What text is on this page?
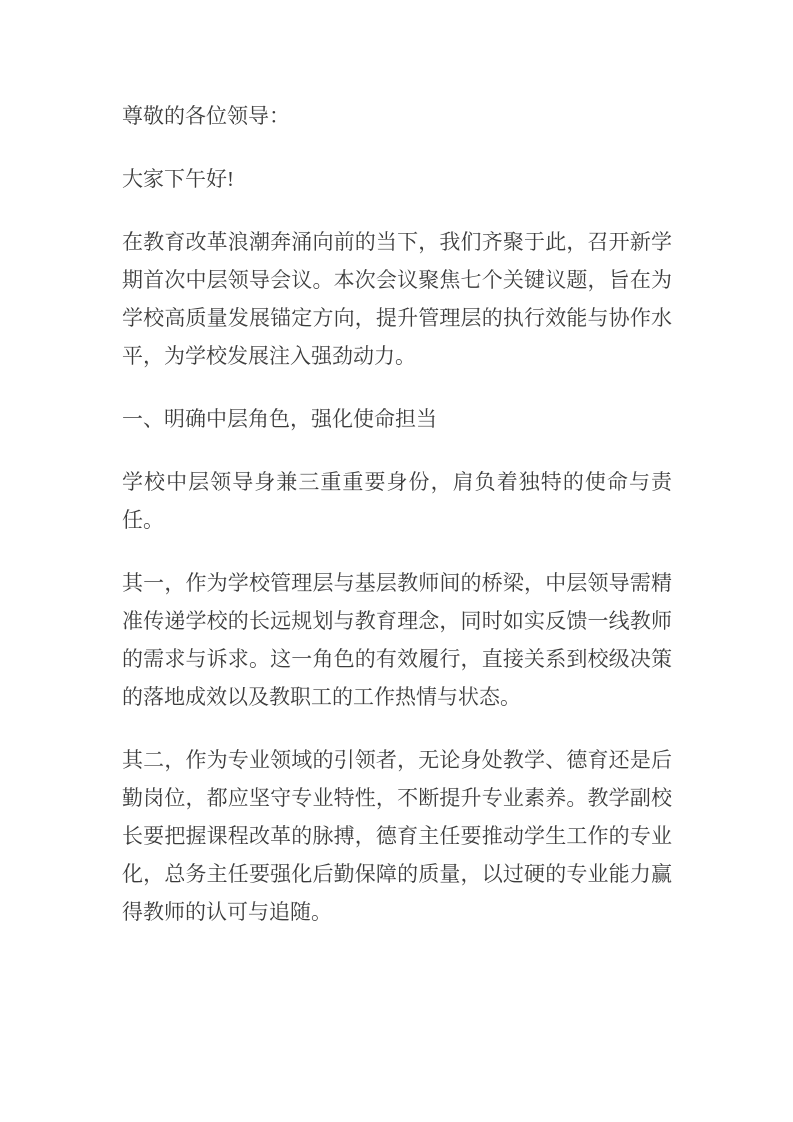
尊敬的各位领导：

大家下午好!

在教育改革浪潮奔涌向前的当下，我们齐聚于此，召开新学期首次中层领导会议。本次会议聚焦七个关键议题，旨在为学校高质量发展锚定方向，提升管理层的执行效能与协作水平，为学校发展注入强劲动力。

一、明确中层角色，强化使命担当

学校中层领导身兼三重重要身份，肩负着独特的使命与责任。

其一，作为学校管理层与基层教师间的桥梁，中层领导需精准传递学校的长远规划与教育理念，同时如实反馈一线教师的需求与诉求。这一角色的有效履行，直接关系到校级决策的落地成效以及教职工的工作热情与状态。

其二，作为专业领域的引领者，无论身处教学、德育还是后勤岗位，都应坚守专业特性，不断提升专业素养。教学副校长要把握课程改革的脉搏，德育主任要推动学生工作的专业化，总务主任要强化后勤保障的质量，以过硬的专业能力赢得教师的认可与追随。
